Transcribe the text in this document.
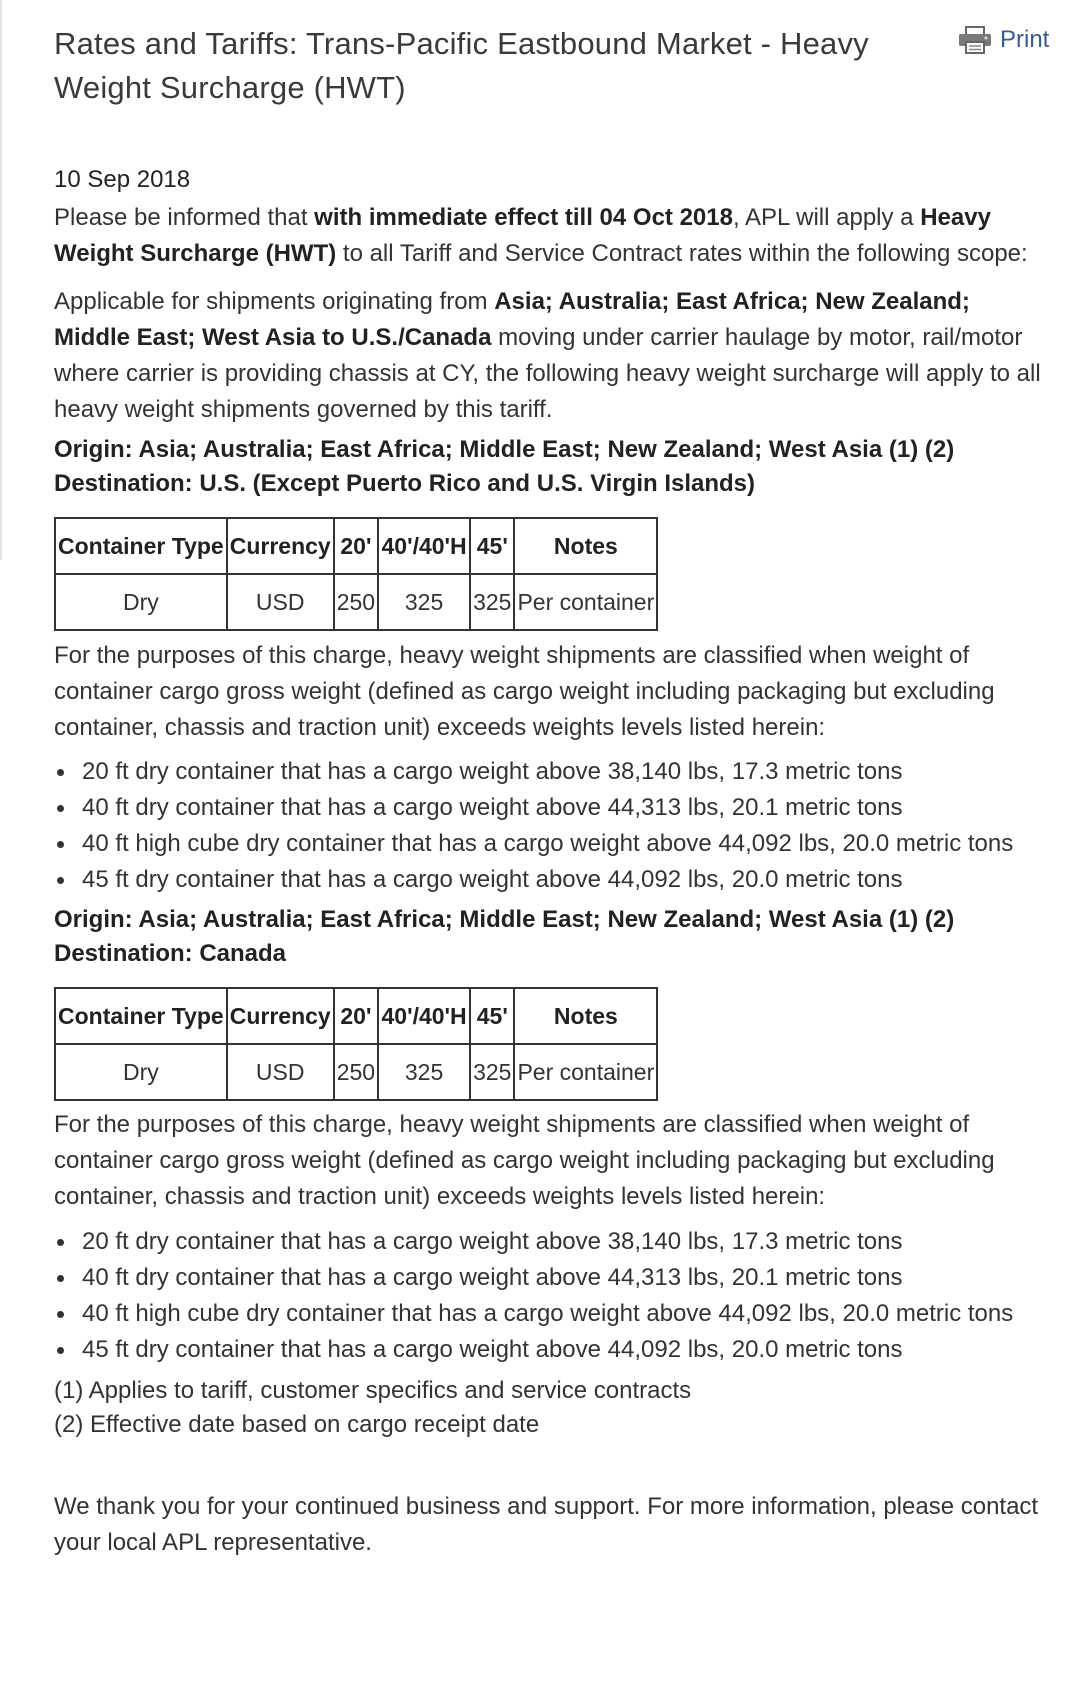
Rates and Tariffs: Trans-Pacific Eastbound Market - Heavy Weight Surcharge (HWT)
Print
10 Sep 2018

Please be informed that with immediate effect till 04 Oct 2018, APL will apply a Heavy Weight Surcharge (HWT) to all Tariff and Service Contract rates within the following scope:

Applicable for shipments originating from Asia; Australia; East Africa; New Zealand; Middle East; West Asia to U.S./Canada moving under carrier haulage by motor, rail/motor where carrier is providing chassis at CY, the following heavy weight surcharge will apply to all heavy weight shipments governed by this tariff.

Origin: Asia; Australia; East Africa; Middle East; New Zealand; West Asia (1) (2)
Destination: U.S. (Except Puerto Rico and U.S. Virgin Islands)
Container Type	Currency	20'	40'/40'H	45'	Notes
Dry	USD	250	325	325	Per container

For the purposes of this charge, heavy weight shipments are classified when weight of container cargo gross weight (defined as cargo weight including packaging but excluding container, chassis and traction unit) exceeds weights levels listed herein:

20 ft dry container that has a cargo weight above 38,140 lbs, 17.3 metric tons
40 ft dry container that has a cargo weight above 44,313 lbs, 20.1 metric tons
40 ft high cube dry container that has a cargo weight above 44,092 lbs, 20.0 metric tons
45 ft dry container that has a cargo weight above 44,092 lbs, 20.0 metric tons
Origin: Asia; Australia; East Africa; Middle East; New Zealand; West Asia (1) (2)
Destination: Canada
Container Type	Currency	20'	40'/40'H	45'	Notes
Dry	USD	250	325	325	Per container

For the purposes of this charge, heavy weight shipments are classified when weight of container cargo gross weight (defined as cargo weight including packaging but excluding container, chassis and traction unit) exceeds weights levels listed herein:

20 ft dry container that has a cargo weight above 38,140 lbs, 17.3 metric tons
40 ft dry container that has a cargo weight above 44,313 lbs, 20.1 metric tons
40 ft high cube dry container that has a cargo weight above 44,092 lbs, 20.0 metric tons
45 ft dry container that has a cargo weight above 44,092 lbs, 20.0 metric tons
(1) Applies to tariff, customer specifics and service contracts
(2) Effective date based on cargo receipt date

We thank you for your continued business and support. For more information, please contact your local APL representative.
